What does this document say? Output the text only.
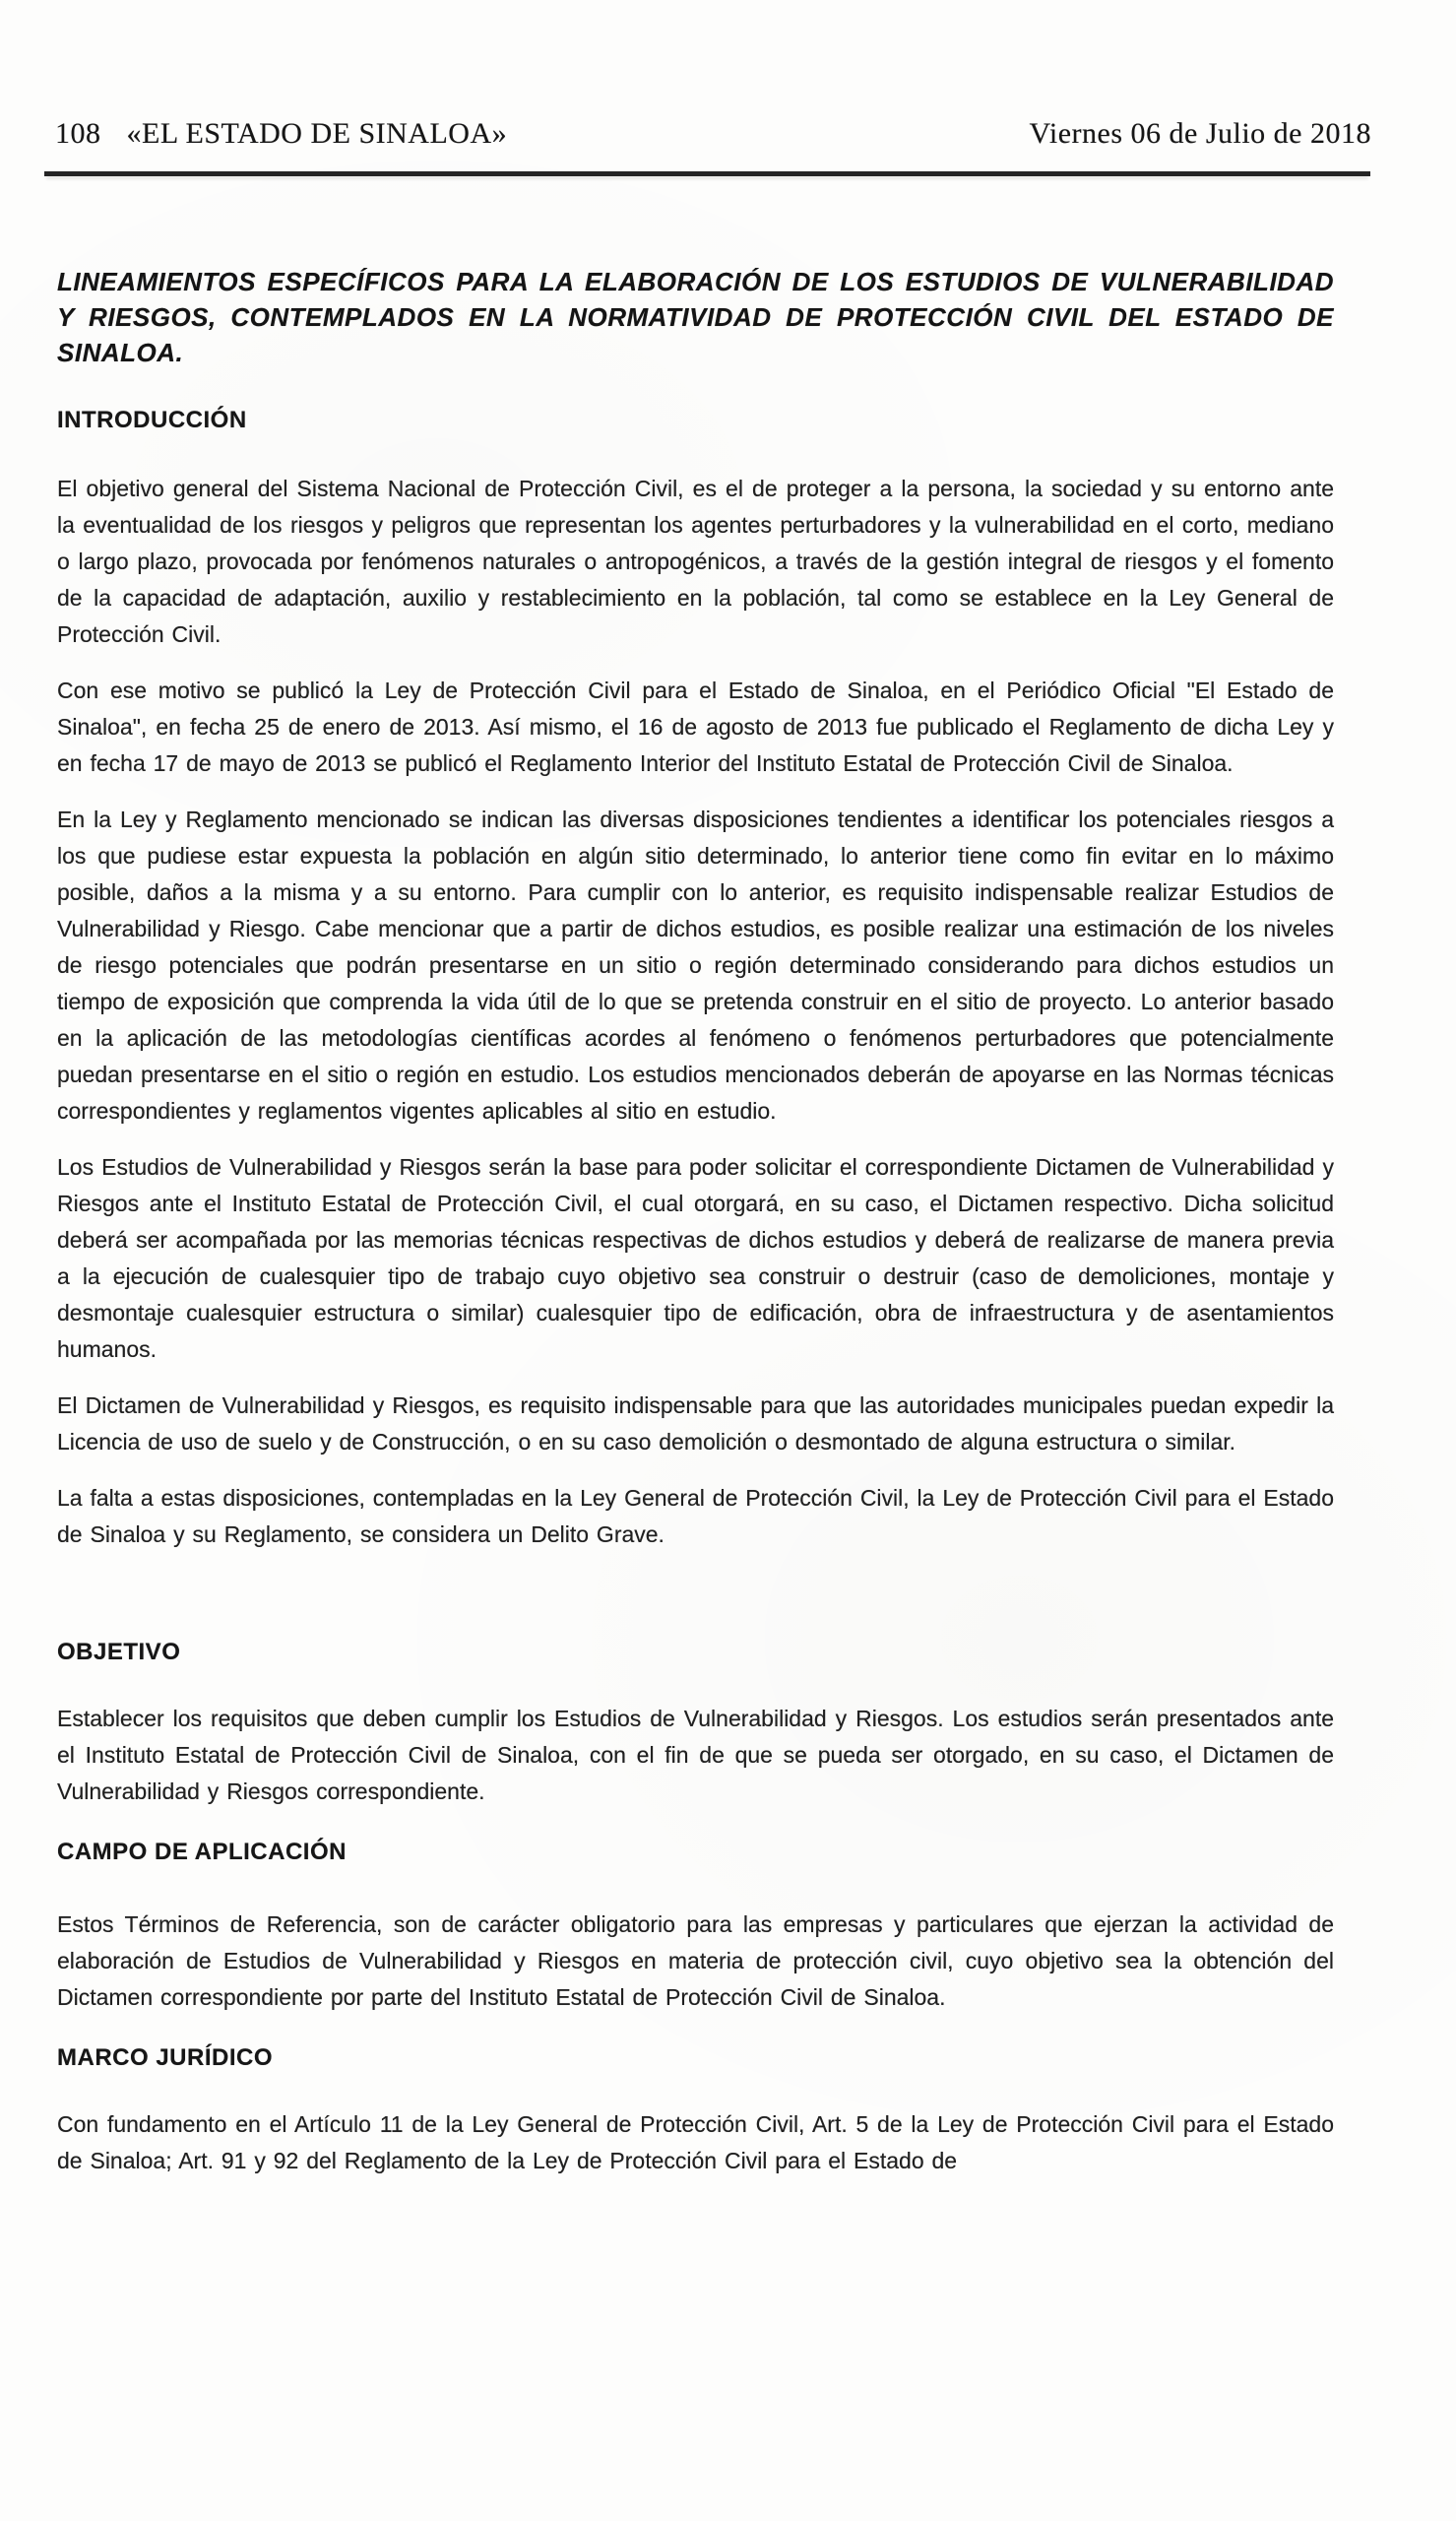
108 «EL ESTADO DE SINALOA»	Viernes 06 de Julio de 2018

LINEAMIENTOS ESPECÍFICOS PARA LA ELABORACIÓN DE LOS ESTUDIOS DE VULNERABILIDAD Y RIESGOS, CONTEMPLADOS EN LA NORMATIVIDAD DE PROTECCIÓN CIVIL DEL ESTADO DE SINALOA.

INTRODUCCIÓN

El objetivo general del Sistema Nacional de Protección Civil, es el de proteger a la persona, la sociedad y su entorno ante la eventualidad de los riesgos y peligros que representan los agentes perturbadores y la vulnerabilidad en el corto, mediano o largo plazo, provocada por fenómenos naturales o antropogénicos, a través de la gestión integral de riesgos y el fomento de la capacidad de adaptación, auxilio y restablecimiento en la población, tal como se establece en la Ley General de Protección Civil.

Con ese motivo se publicó la Ley de Protección Civil para el Estado de Sinaloa, en el Periódico Oficial "El Estado de Sinaloa", en fecha 25 de enero de 2013. Así mismo, el 16 de agosto de 2013 fue publicado el Reglamento de dicha Ley y en fecha 17 de mayo de 2013 se publicó el Reglamento Interior del Instituto Estatal de Protección Civil de Sinaloa.

En la Ley y Reglamento mencionado se indican las diversas disposiciones tendientes a identificar los potenciales riesgos a los que pudiese estar expuesta la población en algún sitio determinado, lo anterior tiene como fin evitar en lo máximo posible, daños a la misma y a su entorno. Para cumplir con lo anterior, es requisito indispensable realizar Estudios de Vulnerabilidad y Riesgo. Cabe mencionar que a partir de dichos estudios, es posible realizar una estimación de los niveles de riesgo potenciales que podrán presentarse en un sitio o región determinado considerando para dichos estudios un tiempo de exposición que comprenda la vida útil de lo que se pretenda construir en el sitio de proyecto. Lo anterior basado en la aplicación de las metodologías científicas acordes al fenómeno o fenómenos perturbadores que potencialmente puedan presentarse en el sitio o región en estudio. Los estudios mencionados deberán de apoyarse en las Normas técnicas correspondientes y reglamentos vigentes aplicables al sitio en estudio.

Los Estudios de Vulnerabilidad y Riesgos serán la base para poder solicitar el correspondiente Dictamen de Vulnerabilidad y Riesgos ante el Instituto Estatal de Protección Civil, el cual otorgará, en su caso, el Dictamen respectivo. Dicha solicitud deberá ser acompañada por las memorias técnicas respectivas de dichos estudios y deberá de realizarse de manera previa a la ejecución de cualesquier tipo de trabajo cuyo objetivo sea construir o destruir (caso de demoliciones, montaje y desmontaje cualesquier estructura o similar) cualesquier tipo de edificación, obra de infraestructura y de asentamientos humanos.

El Dictamen de Vulnerabilidad y Riesgos, es requisito indispensable para que las autoridades municipales puedan expedir la Licencia de uso de suelo y de Construcción, o en su caso demolición o desmontado de alguna estructura o similar.

La falta a estas disposiciones, contempladas en la Ley General de Protección Civil, la Ley de Protección Civil para el Estado de Sinaloa y su Reglamento, se considera un Delito Grave.

OBJETIVO

Establecer los requisitos que deben cumplir los Estudios de Vulnerabilidad y Riesgos. Los estudios serán presentados ante el Instituto Estatal de Protección Civil de Sinaloa, con el fin de que se pueda ser otorgado, en su caso, el Dictamen de Vulnerabilidad y Riesgos correspondiente.

CAMPO DE APLICACIÓN

Estos Términos de Referencia, son de carácter obligatorio para las empresas y particulares que ejerzan la actividad de elaboración de Estudios de Vulnerabilidad y Riesgos en materia de protección civil, cuyo objetivo sea la obtención del Dictamen correspondiente por parte del Instituto Estatal de Protección Civil de Sinaloa.

MARCO JURÍDICO

Con fundamento en el Artículo 11 de la Ley General de Protección Civil, Art. 5 de la Ley de Protección Civil para el Estado de Sinaloa; Art. 91 y 92 del Reglamento de la Ley de Protección Civil para el Estado de
